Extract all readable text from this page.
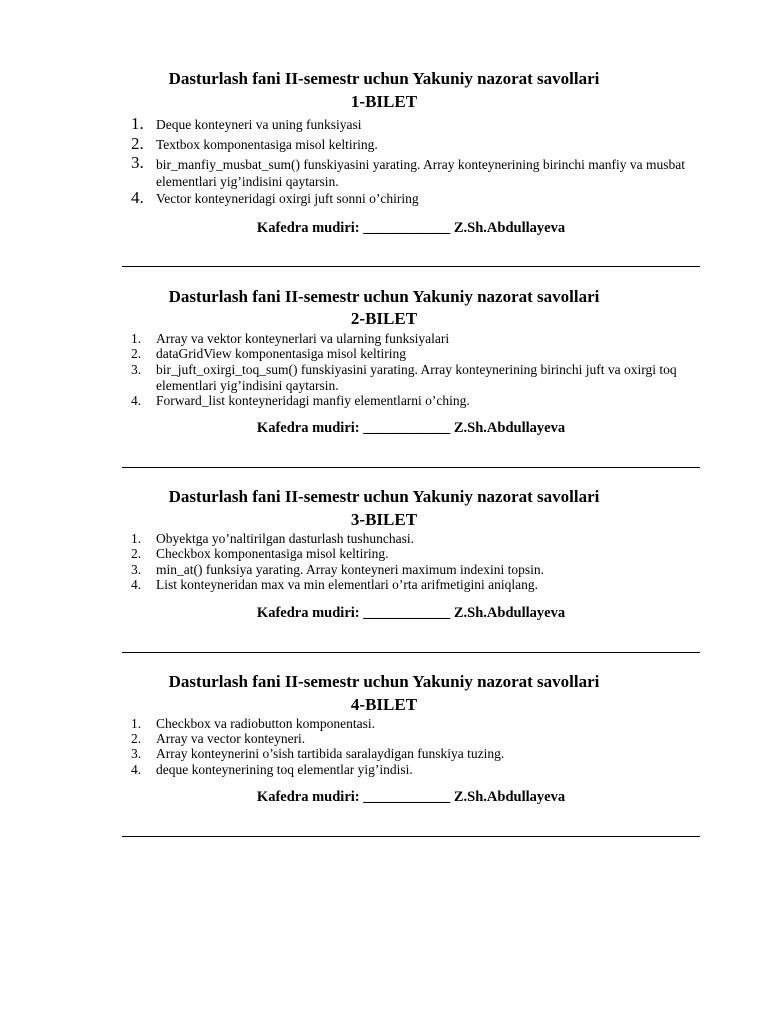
Dasturlash fani II-semestr uchun Yakuniy nazorat savollari
1-BILET
1. Deque konteyneri va uning funksiyasi
2. Textbox komponentasiga misol keltiring.
3. bir_manfiy_musbat_sum() funskiyasini yarating. Array konteynerining birinchi manfiy va musbat elementlari yig’indisini qaytarsin.
4. Vector konteyneridagi oxirgi juft sonni o’chiring
Kafedra mudiri: ____________ Z.Sh.Abdullayeva
Dasturlash fani II-semestr uchun Yakuniy nazorat savollari
2-BILET
1. Array va vektor konteynerlari va ularning funksiyalari
2. dataGridView komponentasiga misol keltiring
3. bir_juft_oxirgi_toq_sum() funskiyasini yarating. Array konteynerining birinchi juft va oxirgi toq elementlari yig’indisini qaytarsin.
4. Forward_list konteyneridagi manfiy elementlarni o’ching.
Kafedra mudiri: ____________ Z.Sh.Abdullayeva
Dasturlash fani II-semestr uchun Yakuniy nazorat savollari
3-BILET
1. Obyektga yo’naltirilgan dasturlash tushunchasi.
2. Checkbox komponentasiga misol keltiring.
3. min_at() funksiya yarating. Array konteyneri maximum indexini topsin.
4. List konteyneridan max va min elementlari o’rta arifmetigini aniqlang.
Kafedra mudiri: ____________ Z.Sh.Abdullayeva
Dasturlash fani II-semestr uchun Yakuniy nazorat savollari
4-BILET
1. Checkbox va radiobutton komponentasi.
2. Array va vector konteyneri.
3. Array konteynerini o’sish tartibida saralaydigan funskiya tuzing.
4. deque konteynerining toq elementlar yig’indisi.
Kafedra mudiri: ____________ Z.Sh.Abdullayeva
